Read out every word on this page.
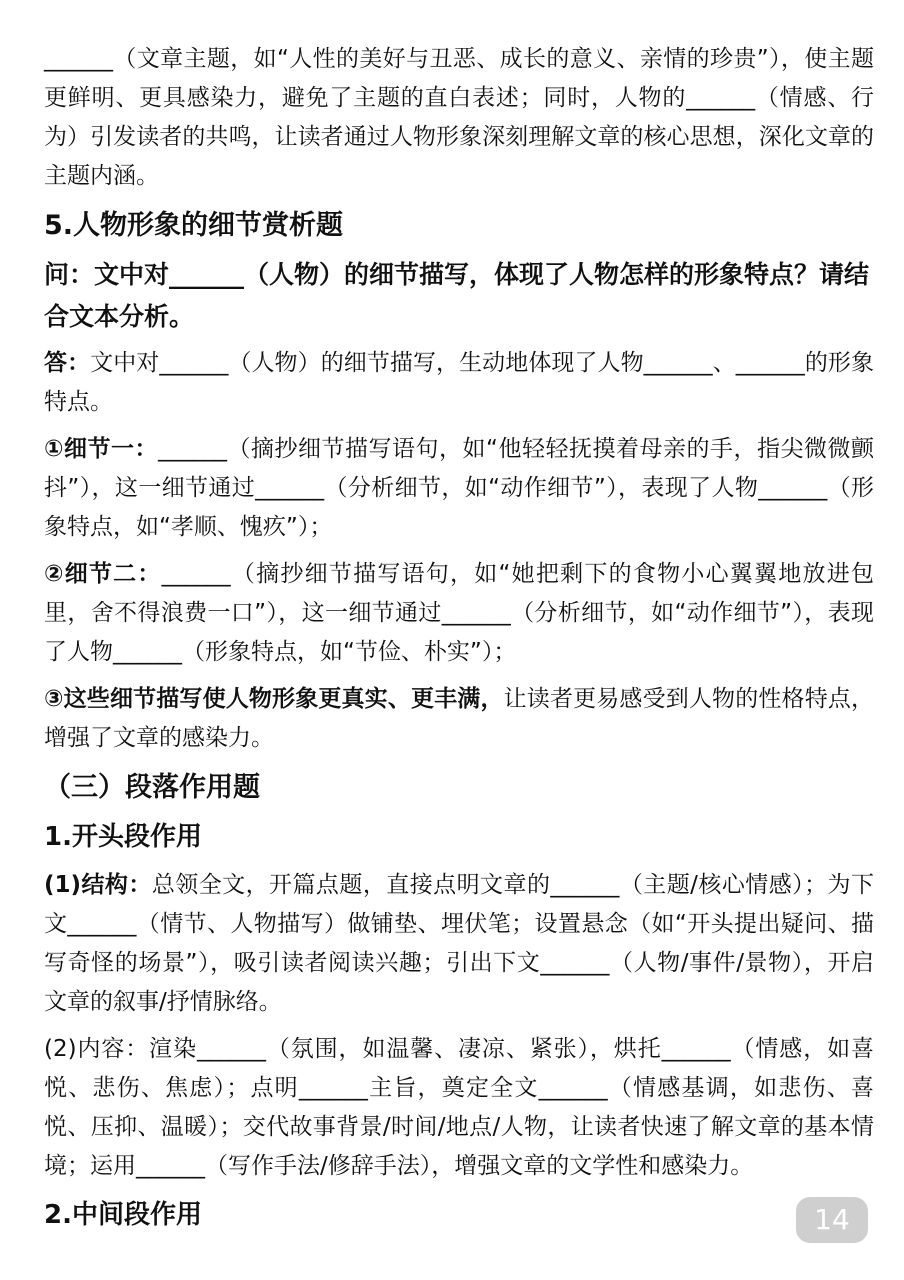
______（文章主题，如“人性的美好与丑恶、成长的意义、亲情的珍贵”），使主题更鲜明、更具感染力，避免了主题的直白表述；同时，人物的______（情感、行为）引发读者的共鸣，让读者通过人物形象深刻理解文章的核心思想，深化文章的主题内涵。

5.人物形象的细节赏析题
问：文中对______（人物）的细节描写，体现了人物怎样的形象特点？请结合文本分析。

答：文中对______（人物）的细节描写，生动地体现了人物______、______的形象特点。

①细节一：______（摘抄细节描写语句，如“他轻轻抚摸着母亲的手，指尖微微颤抖”），这一细节通过______（分析细节，如“动作细节”），表现了人物______（形象特点，如“孝顺、愧疚”）；

②细节二：______（摘抄细节描写语句，如“她把剩下的食物小心翼翼地放进包里，舍不得浪费一口”），这一细节通过______（分析细节，如“动作细节”），表现了人物______（形象特点，如“节俭、朴实”）；

③这些细节描写使人物形象更真实、更丰满，让读者更易感受到人物的性格特点，增强了文章的感染力。

（三）段落作用题
1.开头段作用

(1)结构：总领全文，开篇点题，直接点明文章的______（主题/核心情感）；为下文______（情节、人物描写）做铺垫、埋伏笔；设置悬念（如“开头提出疑问、描写奇怪的场景”），吸引读者阅读兴趣；引出下文______（人物/事件/景物），开启文章的叙事/抒情脉络。

(2)内容：渲染______（氛围，如温馨、凄凉、紧张），烘托______（情感，如喜悦、悲伤、焦虑）；点明______主旨，奠定全文______（情感基调，如悲伤、喜悦、压抑、温暖）；交代故事背景/时间/地点/人物，让读者快速了解文章的基本情境；运用______（写作手法/修辞手法），增强文章的文学性和感染力。

2.中间段作用	14
